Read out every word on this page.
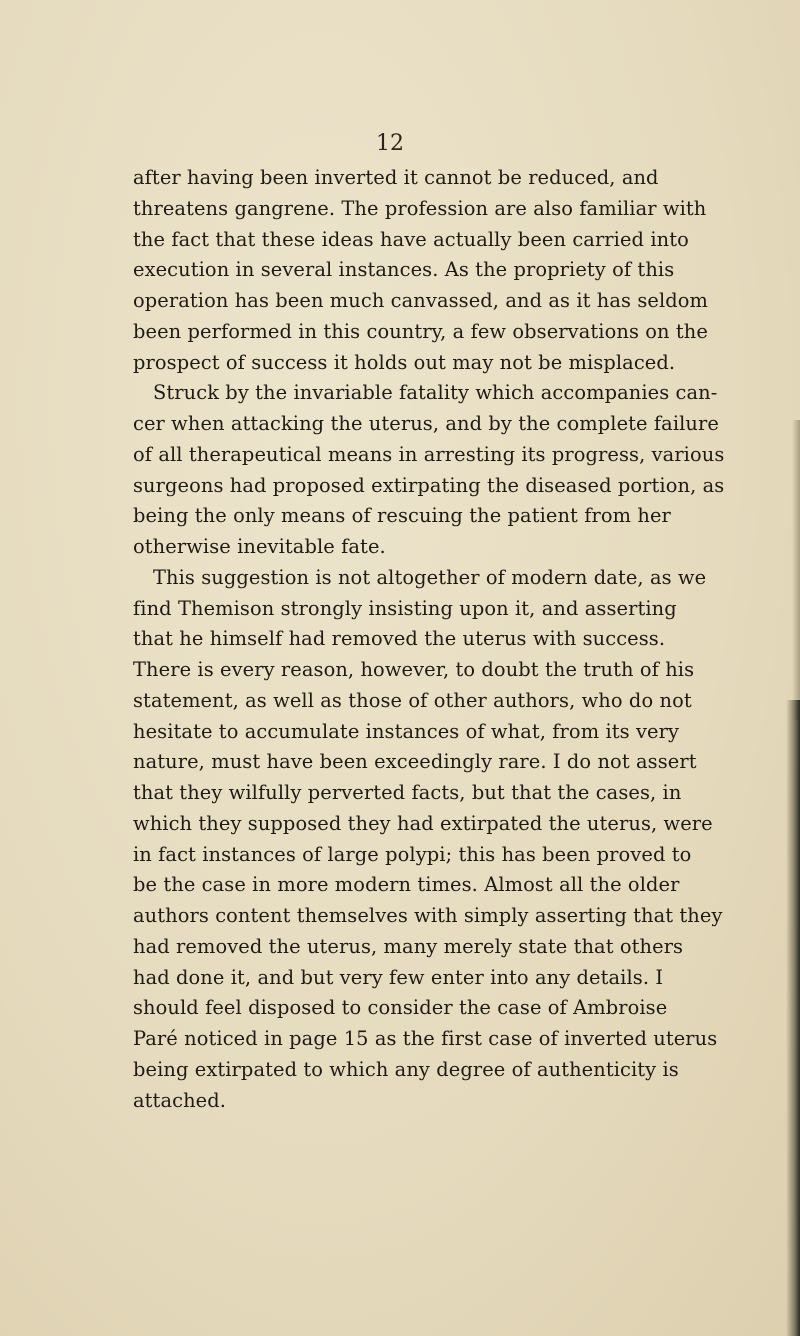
12
after having been inverted it cannot be reduced, and
threatens gangrene. The profession are also familiar with
the fact that these ideas have actually been carried into
execution in several instances. As the propriety of this
operation has been much canvassed, and as it has seldom
been performed in this country, a few observations on the
prospect of success it holds out may not be misplaced.
Struck by the invariable fatality which accompanies can-
cer when attacking the uterus, and by the complete failure
of all therapeutical means in arresting its progress, various
surgeons had proposed extirpating the diseased portion, as
being the only means of rescuing the patient from her
otherwise inevitable fate.
This suggestion is not altogether of modern date, as we
find Themison strongly insisting upon it, and asserting
that he himself had removed the uterus with success.
There is every reason, however, to doubt the truth of his
statement, as well as those of other authors, who do not
hesitate to accumulate instances of what, from its very
nature, must have been exceedingly rare. I do not assert
that they wilfully perverted facts, but that the cases, in
which they supposed they had extirpated the uterus, were
in fact instances of large polypi; this has been proved to
be the case in more modern times. Almost all the older
authors content themselves with simply asserting that they
had removed the uterus, many merely state that others
had done it, and but very few enter into any details. I
should feel disposed to consider the case of Ambroise
Paré noticed in page 15 as the first case of inverted uterus
being extirpated to which any degree of authenticity is
attached.
